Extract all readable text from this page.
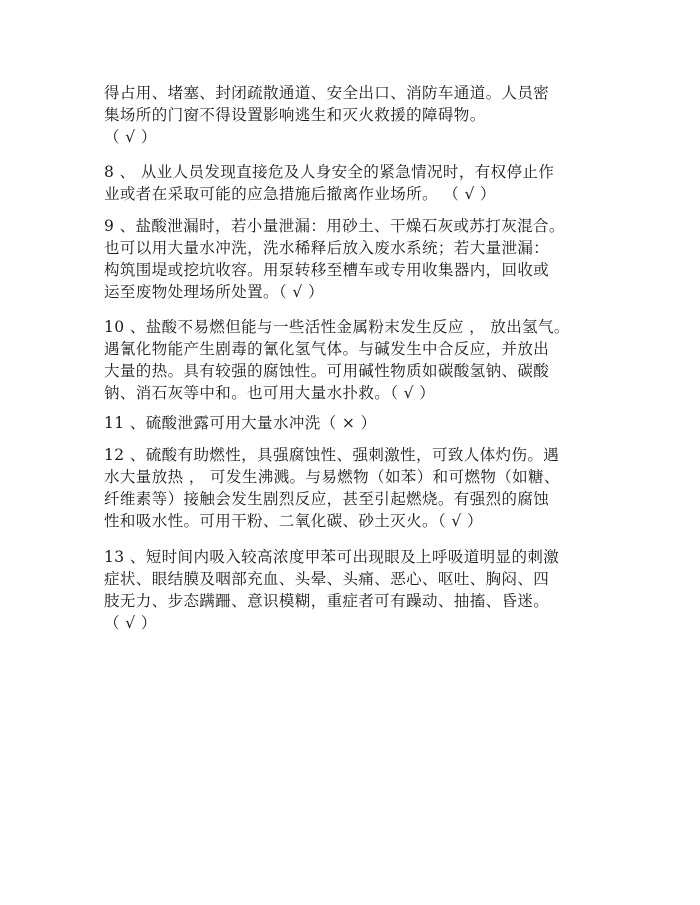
得占用、堵塞、封闭疏散通道、安全出口、消防车通道。人员密
集场所的门窗不得设置影响逃生和灭火救援的障碍物。
（ √ ）
8 、 从业人员发现直接危及人身安全的紧急情况时，有权停止作
业或者在采取可能的应急措施后撤离作业场所。 （ √ ）
9 、盐酸泄漏时，若小量泄漏：用砂土、干燥石灰或苏打灰混合。
也可以用大量水冲洗，洗水稀释后放入废水系统；若大量泄漏：
构筑围堤或挖坑收容。用泵转移至槽车或专用收集器内，回收或
运至废物处理场所处置。（ √ ）
10 、盐酸不易燃但能与一些活性金属粉末发生反应 ， 放出氢气。
遇氰化物能产生剧毒的氰化氢气体。与碱发生中合反应，并放出
大量的热。具有较强的腐蚀性。可用碱性物质如碳酸氢钠、碳酸
钠、消石灰等中和。也可用大量水扑救。（ √ ）
11 、硫酸泄露可用大量水冲洗（ × ）
12 、硫酸有助燃性，具强腐蚀性、强刺激性，可致人体灼伤。遇
水大量放热 ， 可发生沸溅。与易燃物（如苯）和可燃物（如糖、
纤维素等）接触会发生剧烈反应，甚至引起燃烧。有强烈的腐蚀
性和吸水性。可用干粉、二氧化碳、砂土灭火。（ √ ）
13 、短时间内吸入较高浓度甲苯可出现眼及上呼吸道明显的刺激
症状、眼结膜及咽部充血、头晕、头痛、恶心、呕吐、胸闷、四
肢无力、步态蹒跚、意识模糊，重症者可有躁动、抽搐、昏迷。
（ √ ）
